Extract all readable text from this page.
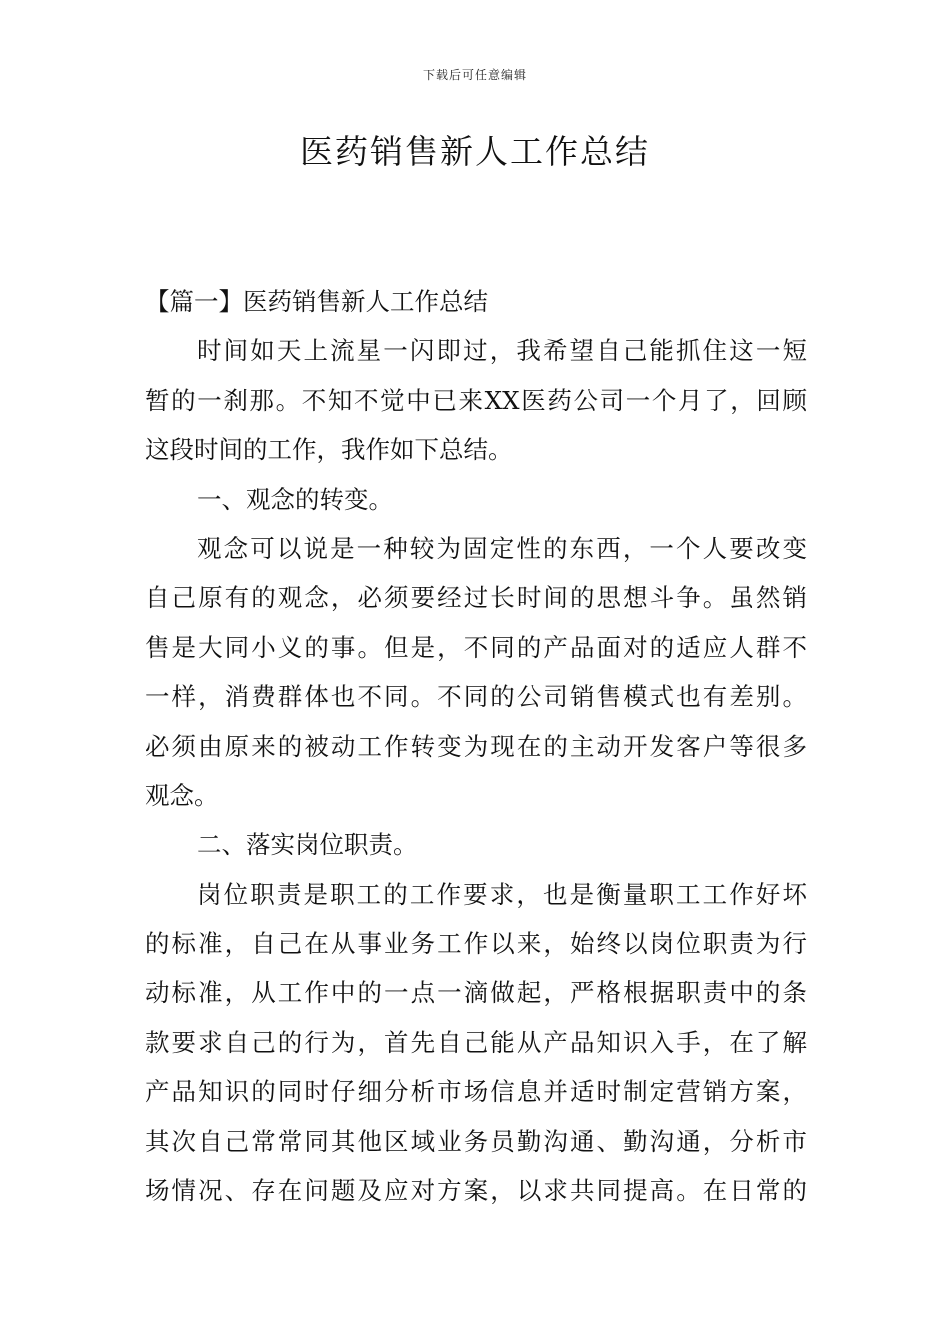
下载后可任意编辑
医药销售新人工作总结
【篇一】医药销售新人工作总结
时间如天上流星一闪即过，我希望自己能抓住这一短
暂的一刹那。不知不觉中已来XX医药公司一个月了，回顾
这段时间的工作，我作如下总结。
一、观念的转变。
观念可以说是一种较为固定性的东西，一个人要改变
自己原有的观念，必须要经过长时间的思想斗争。虽然销
售是大同小义的事。但是，不同的产品面对的适应人群不
一样，消费群体也不同。不同的公司销售模式也有差别。
必须由原来的被动工作转变为现在的主动开发客户等很多
观念。
二、落实岗位职责。
岗位职责是职工的工作要求，也是衡量职工工作好坏
的标准，自己在从事业务工作以来，始终以岗位职责为行
动标准，从工作中的一点一滴做起，严格根据职责中的条
款要求自己的行为，首先自己能从产品知识入手，在了解
产品知识的同时仔细分析市场信息并适时制定营销方案，
其次自己常常同其他区域业务员勤沟通、勤沟通，分析市
场情况、存在问题及应对方案，以求共同提高。在日常的
